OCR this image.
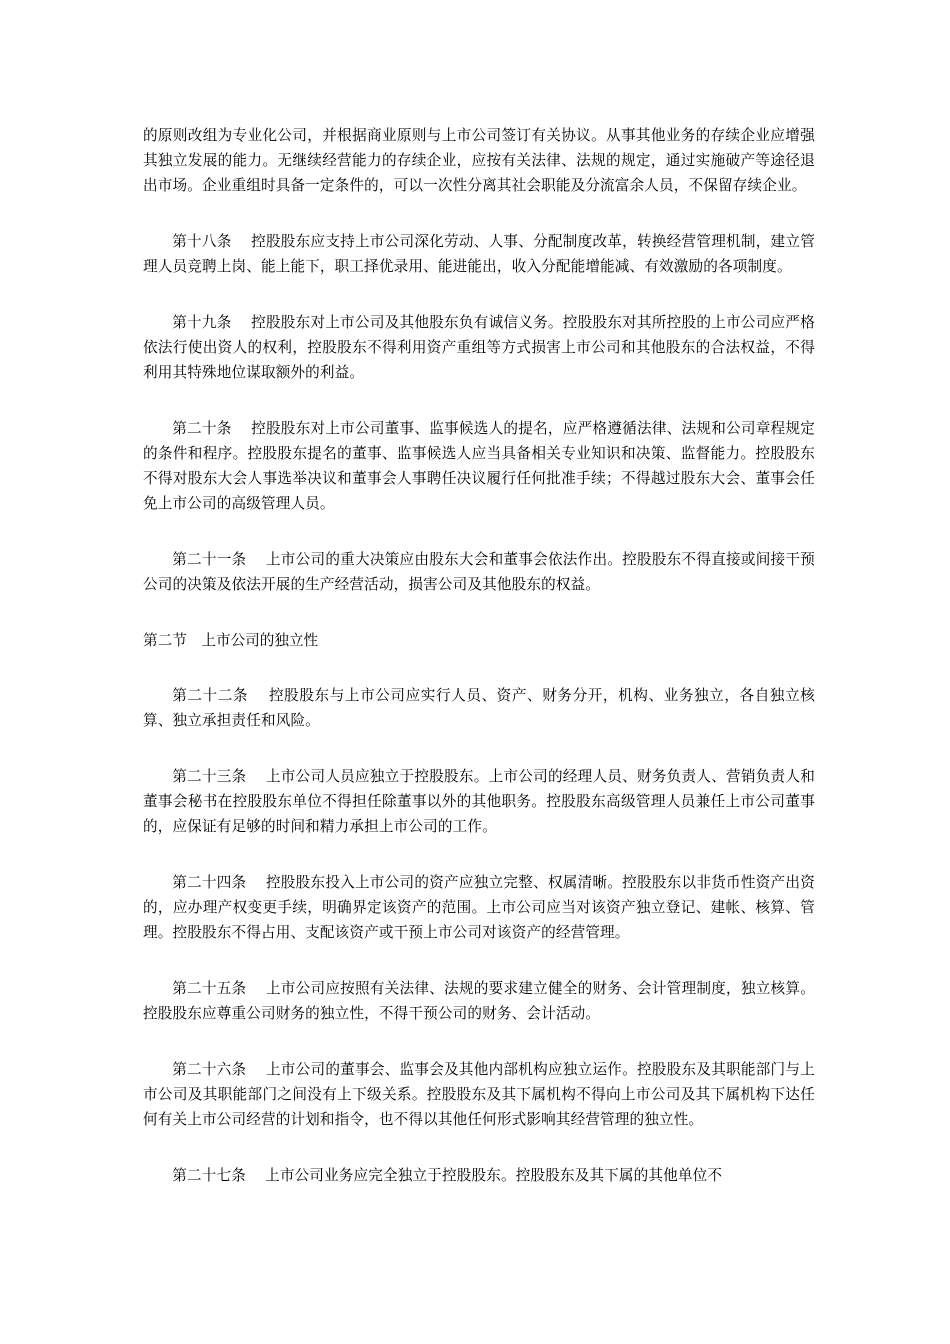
的原则改组为专业化公司，并根据商业原则与上市公司签订有关协议。从事其他业务的存续企业应增强其独立发展的能力。无继续经营能力的存续企业，应按有关法律、法规的规定，通过实施破产等途径退出市场。企业重组时具备一定条件的，可以一次性分离其社会职能及分流富余人员，不保留存续企业。

第十八条 控股股东应支持上市公司深化劳动、人事、分配制度改革，转换经营管理机制，建立管理人员竞聘上岗、能上能下，职工择优录用、能进能出，收入分配能增能减、有效激励的各项制度。

第十九条 控股股东对上市公司及其他股东负有诚信义务。控股股东对其所控股的上市公司应严格依法行使出资人的权利，控股股东不得利用资产重组等方式损害上市公司和其他股东的合法权益，不得利用其特殊地位谋取额外的利益。

第二十条 控股股东对上市公司董事、监事候选人的提名，应严格遵循法律、法规和公司章程规定的条件和程序。控股股东提名的董事、监事候选人应当具备相关专业知识和决策、监督能力。控股股东不得对股东大会人事选举决议和董事会人事聘任决议履行任何批准手续；不得越过股东大会、董事会任免上市公司的高级管理人员。

第二十一条 上市公司的重大决策应由股东大会和董事会依法作出。控股股东不得直接或间接干预公司的决策及依法开展的生产经营活动，损害公司及其他股东的权益。

第二节　上市公司的独立性

第二十二条 控股股东与上市公司应实行人员、资产、财务分开，机构、业务独立，各自独立核算、独立承担责任和风险。

第二十三条 上市公司人员应独立于控股股东。上市公司的经理人员、财务负责人、营销负责人和董事会秘书在控股股东单位不得担任除董事以外的其他职务。控股股东高级管理人员兼任上市公司董事的，应保证有足够的时间和精力承担上市公司的工作。

第二十四条 控股股东投入上市公司的资产应独立完整、权属清晰。控股股东以非货币性资产出资的，应办理产权变更手续，明确界定该资产的范围。上市公司应当对该资产独立登记、建帐、核算、管理。控股股东不得占用、支配该资产或干预上市公司对该资产的经营管理。

第二十五条 上市公司应按照有关法律、法规的要求建立健全的财务、会计管理制度，独立核算。控股股东应尊重公司财务的独立性，不得干预公司的财务、会计活动。

第二十六条 上市公司的董事会、监事会及其他内部机构应独立运作。控股股东及其职能部门与上市公司及其职能部门之间没有上下级关系。控股股东及其下属机构不得向上市公司及其下属机构下达任何有关上市公司经营的计划和指令，也不得以其他任何形式影响其经营管理的独立性。

第二十七条 上市公司业务应完全独立于控股股东。控股股东及其下属的其他单位不
